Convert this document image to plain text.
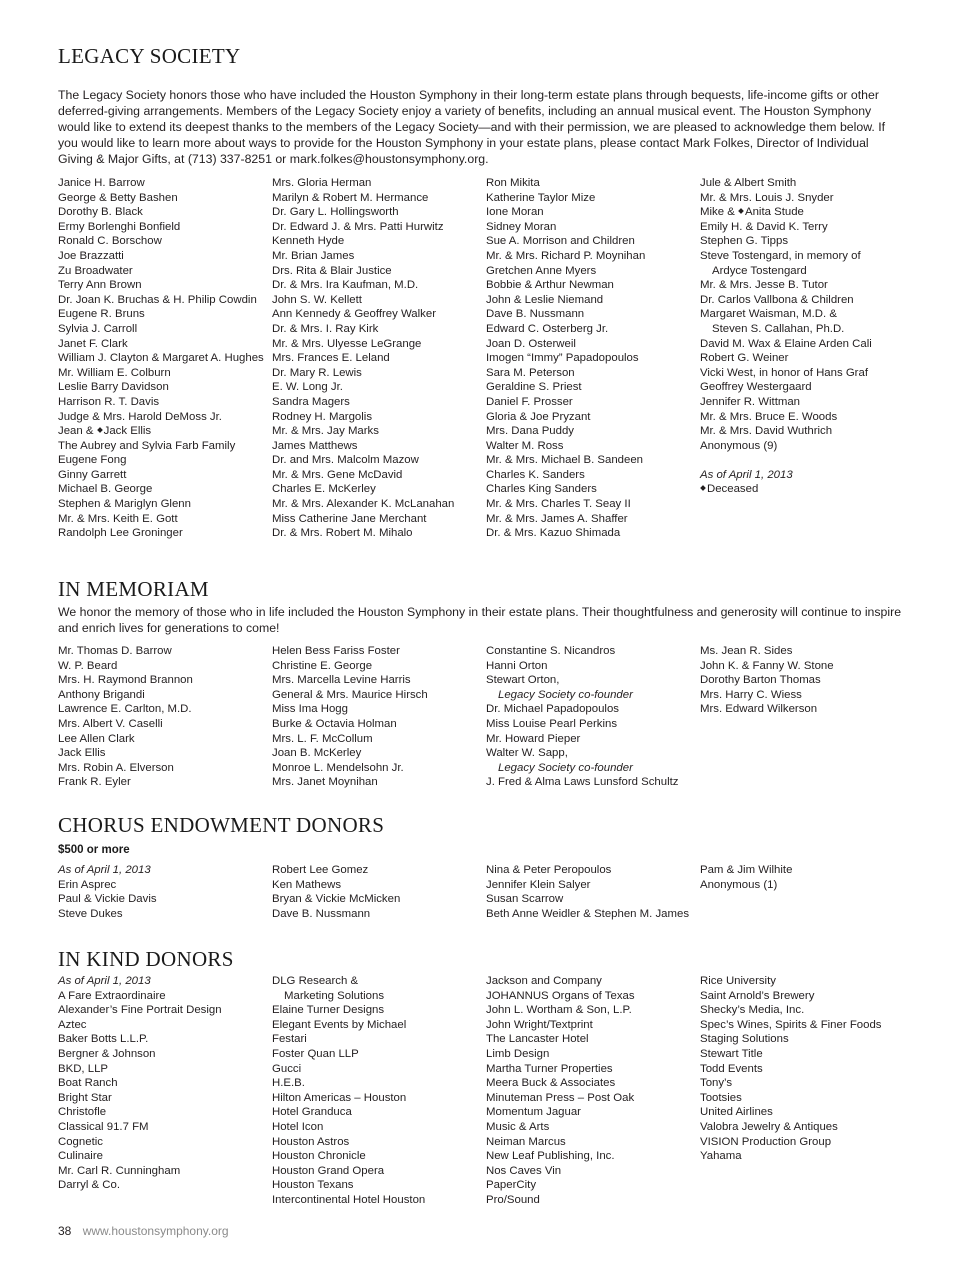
LEGACY SOCIETY

The Legacy Society honors those who have included the Houston Symphony in their long-term estate plans through bequests, life-income gifts or other deferred-giving arrangements. Members of the Legacy Society enjoy a variety of benefits, including an annual musical event. The Houston Symphony would like to extend its deepest thanks to the members of the Legacy Society—and with their permission, we are pleased to acknowledge them below. If you would like to learn more about ways to provide for the Houston Symphony in your estate plans, please contact Mark Folkes, Director of Individual Giving & Major Gifts, at (713) 337-8251 or mark.folkes@houstonsymphony.org.

Janice H. Barrow
George & Betty Bashen
Dorothy B. Black
Ermy Borlenghi Bonfield
Ronald C. Borschow
Joe Brazzatti
Zu Broadwater
Terry Ann Brown
Dr. Joan K. Bruchas & H. Philip Cowdin
Eugene R. Bruns
Sylvia J. Carroll
Janet F. Clark
William J. Clayton & Margaret A. Hughes
Mr. William E. Colburn
Leslie Barry Davidson
Harrison R. T. Davis
Judge & Mrs. Harold DeMoss Jr.
Jean & Jack Ellis
The Aubrey and Sylvia Farb Family
Eugene Fong
Ginny Garrett
Michael B. George
Stephen & Mariglyn Glenn
Mr. & Mrs. Keith E. Gott
Randolph Lee Groninger
Mrs. Gloria Herman
Marilyn & Robert M. Hermance
Dr. Gary L. Hollingsworth
Dr. Edward J. & Mrs. Patti Hurwitz
Kenneth Hyde
Mr. Brian James
Drs. Rita & Blair Justice
Dr. & Mrs. Ira Kaufman, M.D.
John S. W. Kellett
Ann Kennedy & Geoffrey Walker
Dr. & Mrs. I. Ray Kirk
Mr. & Mrs. Ulyesse LeGrange
Mrs. Frances E. Leland
Dr. Mary R. Lewis
E. W. Long Jr.
Sandra Magers
Rodney H. Margolis
Mr. & Mrs. Jay Marks
James Matthews
Dr. and Mrs. Malcolm Mazow
Mr. & Mrs. Gene McDavid
Charles E. McKerley
Mr. & Mrs. Alexander K. McLanahan
Miss Catherine Jane Merchant
Dr. & Mrs. Robert M. Mihalo
Ron Mikita
Katherine Taylor Mize
Ione Moran
Sidney Moran
Sue A. Morrison and Children
Mr. & Mrs. Richard P. Moynihan
Gretchen Anne Myers
Bobbie & Arthur Newman
John & Leslie Niemand
Dave B. Nussmann
Edward C. Osterberg Jr.
Joan D. Osterweil
Imogen “Immy” Papadopoulos
Sara M. Peterson
Geraldine S. Priest
Daniel F. Prosser
Gloria & Joe Pryzant
Mrs. Dana Puddy
Walter M. Ross
Mr. & Mrs. Michael B. Sandeen
Charles K. Sanders
Charles King Sanders
Mr. & Mrs. Charles T. Seay II
Mr. & Mrs. James A. Shaffer
Dr. & Mrs. Kazuo Shimada
Jule & Albert Smith
Mr. & Mrs. Louis J. Snyder
Mike & Anita Stude
Emily H. & David K. Terry
Stephen G. Tipps
Steve Tostengard, in memory of
Ardyce Tostengard
Mr. & Mrs. Jesse B. Tutor
Dr. Carlos Vallbona & Children
Margaret Waisman, M.D. &
Steven S. Callahan, Ph.D.
David M. Wax & Elaine Arden Cali
Robert G. Weiner
Vicki West, in honor of Hans Graf
Geoffrey Westergaard
Jennifer R. Wittman
Mr. & Mrs. Bruce E. Woods
Mr. & Mrs. David Wuthrich
Anonymous (9)

As of April 1, 2013
Deceased
IN MEMORIAM

We honor the memory of those who in life included the Houston Symphony in their estate plans. Their thoughtfulness and generosity will continue to inspire and enrich lives for generations to come!

Mr. Thomas D. Barrow
W. P. Beard
Mrs. H. Raymond Brannon
Anthony Brigandi
Lawrence E. Carlton, M.D.
Mrs. Albert V. Caselli
Lee Allen Clark
Jack Ellis
Mrs. Robin A. Elverson
Frank R. Eyler
Helen Bess Fariss Foster
Christine E. George
Mrs. Marcella Levine Harris
General & Mrs. Maurice Hirsch
Miss Ima Hogg
Burke & Octavia Holman
Mrs. L. F. McCollum
Joan B. McKerley
Monroe L. Mendelsohn Jr.
Mrs. Janet Moynihan
Constantine S. Nicandros
Hanni Orton
Stewart Orton,
Legacy Society co-founder
Dr. Michael Papadopoulos
Miss Louise Pearl Perkins
Mr. Howard Pieper
Walter W. Sapp,
Legacy Society co-founder
J. Fred & Alma Laws Lunsford Schultz
Ms. Jean R. Sides
John K. & Fanny W. Stone
Dorothy Barton Thomas
Mrs. Harry C. Wiess
Mrs. Edward Wilkerson
CHORUS ENDOWMENT DONORS
$500 or more
As of April 1, 2013
Erin Asprec
Paul & Vickie Davis
Steve Dukes
Robert Lee Gomez
Ken Mathews
Bryan & Vickie McMicken
Dave B. Nussmann
Nina & Peter Peropoulos
Jennifer Klein Salyer
Susan Scarrow
Beth Anne Weidler & Stephen M. James
Pam & Jim Wilhite
Anonymous (1)
IN KIND DONORS
As of April 1, 2013
A Fare Extraordinaire
Alexander’s Fine Portrait Design
Aztec
Baker Botts L.L.P.
Bergner & Johnson
BKD, LLP
Boat Ranch
Bright Star
Christofle
Classical 91.7 FM
Cognetic
Culinaire
Mr. Carl R. Cunningham
Darryl & Co.
DLG Research &
Marketing Solutions
Elaine Turner Designs
Elegant Events by Michael
Festari
Foster Quan LLP
Gucci
H.E.B.
Hilton Americas – Houston
Hotel Granduca
Hotel Icon
Houston Astros
Houston Chronicle
Houston Grand Opera
Houston Texans
Intercontinental Hotel Houston
Jackson and Company
JOHANNUS Organs of Texas
John L. Wortham & Son, L.P.
John Wright/Textprint
The Lancaster Hotel
Limb Design
Martha Turner Properties
Meera Buck & Associates
Minuteman Press – Post Oak
Momentum Jaguar
Music & Arts
Neiman Marcus
New Leaf Publishing, Inc.
Nos Caves Vin
PaperCity
Pro/Sound
Rice University
Saint Arnold’s Brewery
Shecky’s Media, Inc.
Spec’s Wines, Spirits & Finer Foods
Staging Solutions
Stewart Title
Todd Events
Tony’s
Tootsies
United Airlines
Valobra Jewelry & Antiques
VISION Production Group
Yahama
38 www.houstonsymphony.org
